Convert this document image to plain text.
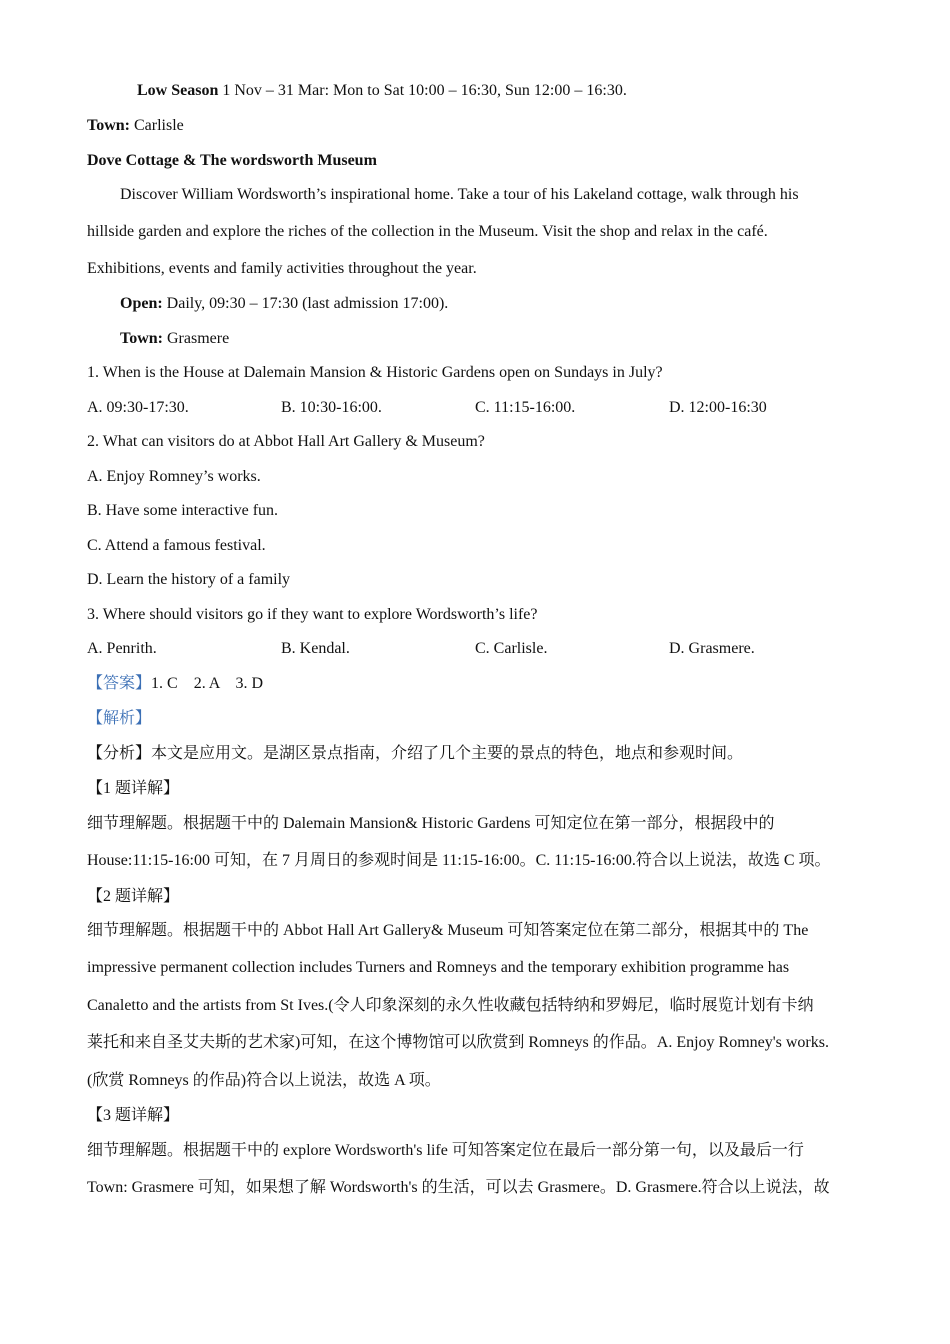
Low Season 1 Nov – 31 Mar: Mon to Sat 10:00 – 16:30, Sun 12:00 – 16:30.
Town: Carlisle
Dove Cottage & The wordsworth Museum
Discover William Wordsworth’s inspirational home. Take a tour of his Lakeland cottage, walk through his
hillside garden and explore the riches of the collection in the Museum. Visit the shop and relax in the café.
Exhibitions, events and family activities throughout the year.
Open: Daily, 09:30 – 17:30 (last admission 17:00).
Town: Grasmere
1. When is the House at Dalemain Mansion & Historic Gardens open on Sundays in July?
A. 09:30-17:30.	B. 10:30-16:00.	C. 11:15-16:00.	D. 12:00-16:30
2. What can visitors do at Abbot Hall Art Gallery & Museum?
A. Enjoy Romney’s works.
B. Have some interactive fun.
C. Attend a famous festival.
D. Learn the history of a family
3. Where should visitors go if they want to explore Wordsworth’s life?
A. Penrith.	B. Kendal.	C. Carlisle.	D. Grasmere.
【答案】1. C    2. A    3. D
【解析】
【分析】本文是应用文。是湖区景点指南，介绍了几个主要的景点的特色，地点和参观时间。
【1 题详解】
细节理解题。根据题干中的 Dalemain Mansion& Historic Gardens 可知定位在第一部分，根据段中的
House:11:15-16:00 可知，在 7 月周日的参观时间是 11:15-16:00。C. 11:15-16:00.符合以上说法，故选 C 项。
【2 题详解】
细节理解题。根据题干中的 Abbot Hall Art Gallery& Museum 可知答案定位在第二部分，根据其中的 The
impressive permanent collection includes Turners and Romneys and the temporary exhibition programme has
Canaletto and the artists from St Ives.(令人印象深刻的永久性收藏包括特纳和罗姆尼，临时展览计划有卡纳
莱托和来自圣艾夫斯的艺术家)可知，在这个博物馆可以欣赏到 Romneys 的作品。A. Enjoy Romney's works.
(欣赏 Romneys 的作品)符合以上说法，故选 A 项。
【3 题详解】
细节理解题。根据题干中的 explore Wordsworth's life 可知答案定位在最后一部分第一句，以及最后一行
Town: Grasmere 可知，如果想了解 Wordsworth's 的生活，可以去 Grasmere。D. Grasmere.符合以上说法，故
